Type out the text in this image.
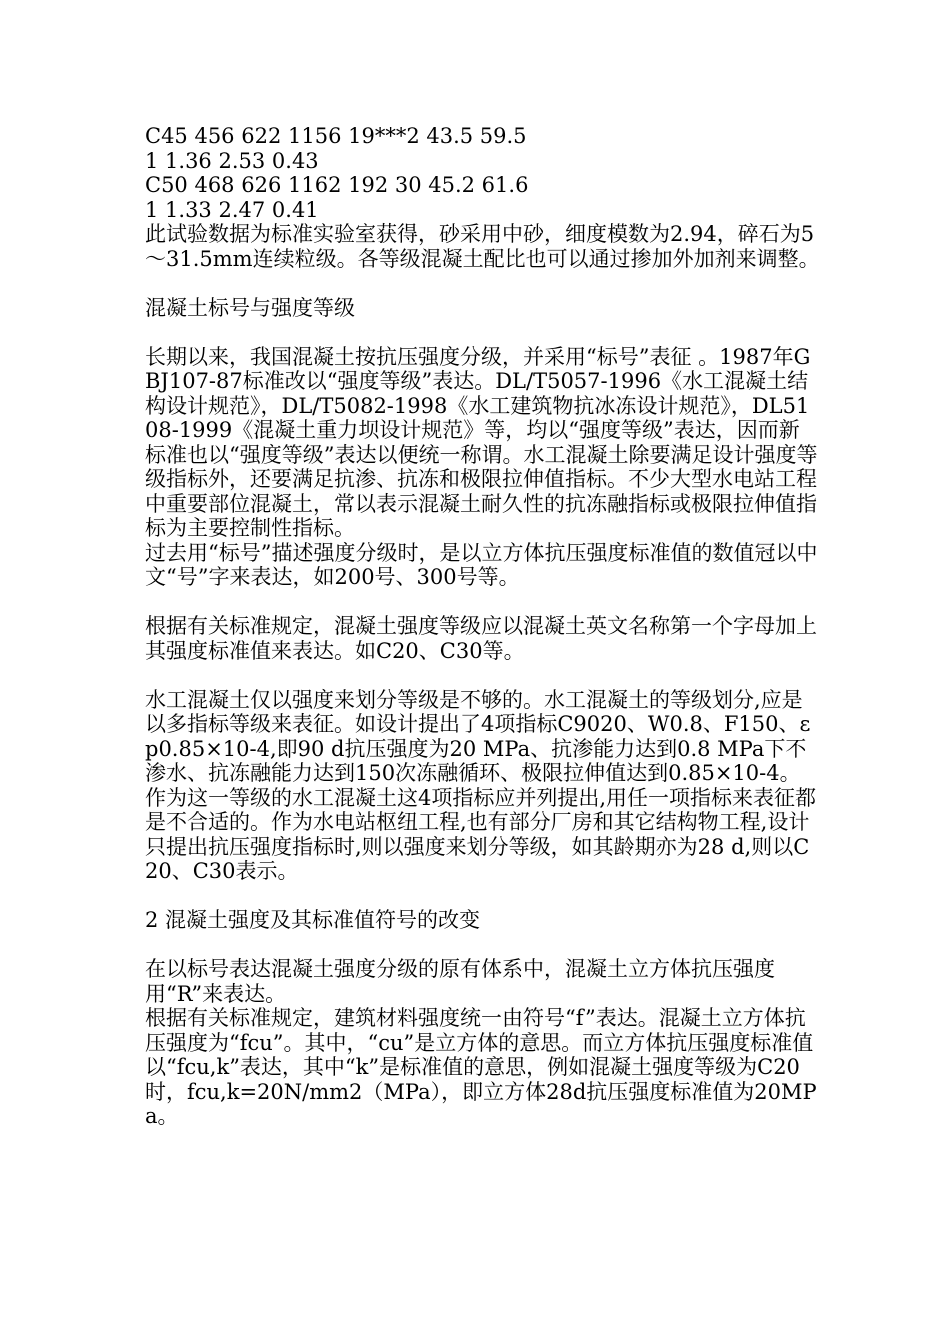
C45 456 622 1156 19***2 43.5 59.5
1 1.36 2.53 0.43
C50 468 626 1162 192 30 45.2 61.6
1 1.33 2.47 0.41
此试验数据为标准实验室获得，砂采用中砂，细度模数为2.94，碎石为5～31.5mm连续粒级。各等级混凝土配比也可以通过掺加外加剂来调整。
混凝土标号与强度等级
长期以来，我国混凝土按抗压强度分级，并采用“标号”表征 。1987年GBJ107-87标准改以“强度等级”表达。DL/T5057-1996《水工混凝土结构设计规范》，DL/T5082-1998《水工建筑物抗冰冻设计规范》，DL5108-1999《混凝土重力坝设计规范》等，均以“强度等级”表达，因而新标准也以“强度等级”表达以便统一称谓。水工混凝土除要满足设计强度等级指标外，还要满足抗渗、抗冻和极限拉伸值指标。不少大型水电站工程中重要部位混凝土，常以表示混凝土耐久性的抗冻融指标或极限拉伸值指标为主要控制性指标。
过去用“标号”描述强度分级时，是以立方体抗压强度标准值的数值冠以中文“号”字来表达，如200号、300号等。
根据有关标准规定，混凝土强度等级应以混凝土英文名称第一个字母加上其强度标准值来表达。如C20、C30等。
水工混凝土仅以强度来划分等级是不够的。水工混凝土的等级划分,应是以多指标等级来表征。如设计提出了4项指标C9020、W0.8、F150、εp0.85×10-4,即90 d抗压强度为20 MPa、抗渗能力达到0.8 MPa下不渗水、抗冻融能力达到150次冻融循环、极限拉伸值达到0.85×10-4。作为这一等级的水工混凝土这4项指标应并列提出,用任一项指标来表征都是不合适的。作为水电站枢纽工程,也有部分厂房和其它结构物工程,设计只提出抗压强度指标时,则以强度来划分等级，如其龄期亦为28 d,则以C20、C30表示。
2 混凝土强度及其标准值符号的改变
在以标号表达混凝土强度分级的原有体系中，混凝土立方体抗压强度用“R”来表达。
根据有关标准规定，建筑材料强度统一由符号“f”表达。混凝土立方体抗压强度为“fcu”。其中，“cu”是立方体的意思。而立方体抗压强度标准值以“fcu,k”表达，其中“k”是标准值的意思，例如混凝土强度等级为C20时，fcu,k=20N/mm2（MPa），即立方体28d抗压强度标准值为20MPa。
